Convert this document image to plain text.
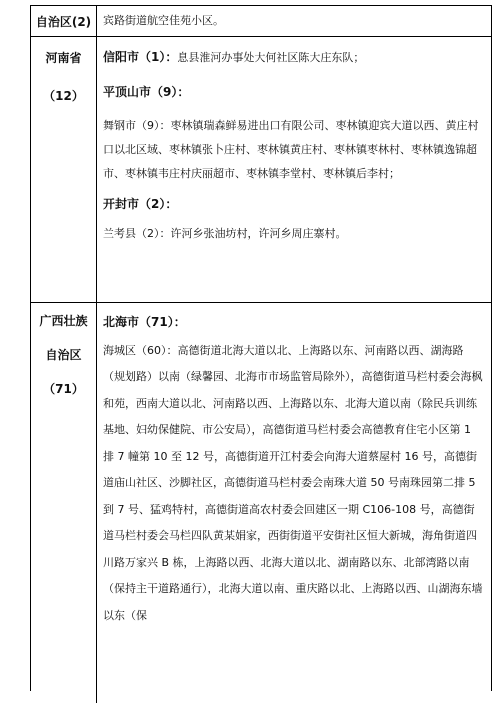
自治区(2)	宾路街道航空佳苑小区。
河南省
（12）

信阳市（1）：息县淮河办事处大何社区陈大庄东队；

平顶山市（9）：

舞钢市（9）：枣林镇瑞森鲜易进出口有限公司、枣林镇迎宾大道以西、黄庄村口以北区域、枣林镇张卜庄村、枣林镇黄庄村、枣林镇枣林村、枣林镇逸锦超市、枣林镇韦庄村庆丽超市、枣林镇李堂村、枣林镇后李村；

开封市（2）：

兰考县（2）：许河乡张油坊村，许河乡周庄寨村。

广西壮族
自治区
（71）

北海市（71）：

海城区（60）：高德街道北海大道以北、上海路以东、河南路以西、湖海路（规划路）以南（绿馨园、北海市市场监管局除外），高德街道马栏村委会海枫和苑，西南大道以北、河南路以西、上海路以东、北海大道以南（除民兵训练基地、妇幼保健院、市公安局），高德街道马栏村委会高德教育住宅小区第 1 排 7 幢第 10 至 12 号，高德街道开江村委会向海大道蔡屋村 16 号，高德街道庙山社区、沙脚社区，高德街道马栏村委会南珠大道 50 号南珠园第二排 5 到 7 号、猛鸡特村，高德街道高农村委会回建区一期 C106-108 号，高德街道马栏村委会马栏四队黄某娟家，西街街道平安街社区恒大新城，海角街道四川路万家兴 B 栋，上海路以西、北海大道以北、湖南路以东、北部湾路以南（保持主干道路通行），北海大道以南、重庆路以北、上海路以西、山湖海东墙以东（保
